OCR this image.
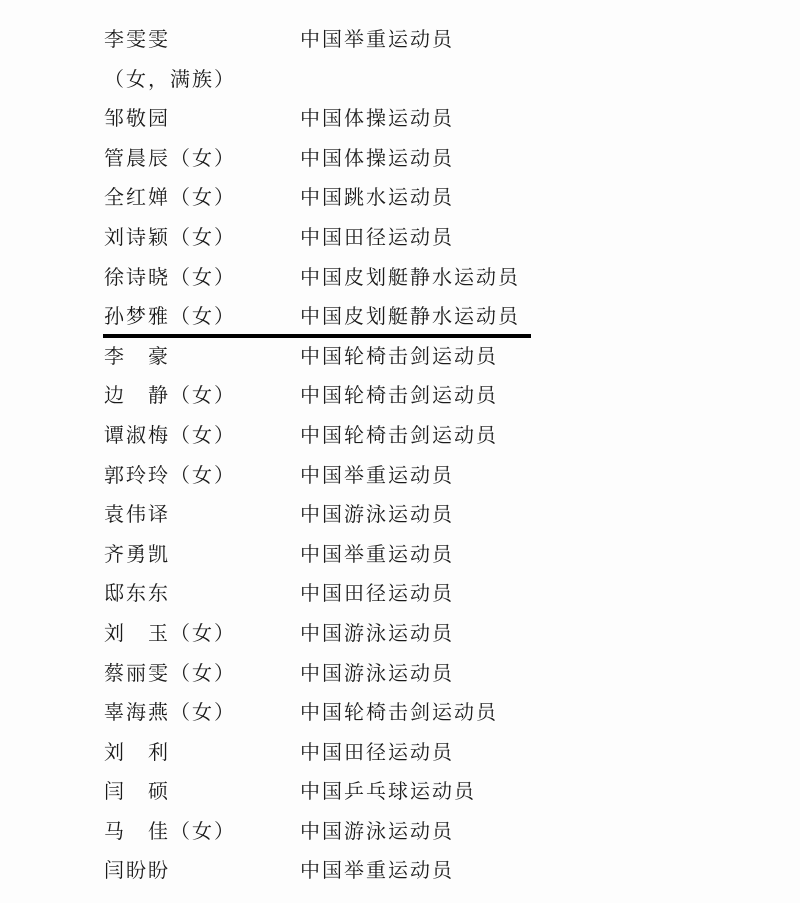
李雯雯	中国举重运动员
（女，满族）
邹敬园	中国体操运动员
管晨辰（女）	中国体操运动员
全红婵（女）	中国跳水运动员
刘诗颖（女）	中国田径运动员
徐诗晓（女）	中国皮划艇静水运动员
孙梦雅（女）	中国皮划艇静水运动员
李　豪	中国轮椅击剑运动员
边　静（女）	中国轮椅击剑运动员
谭淑梅（女）	中国轮椅击剑运动员
郭玲玲（女）	中国举重运动员
袁伟译	中国游泳运动员
齐勇凯	中国举重运动员
邸东东	中国田径运动员
刘　玉（女）	中国游泳运动员
蔡丽雯（女）	中国游泳运动员
辜海燕（女）	中国轮椅击剑运动员
刘　利	中国田径运动员
闫　硕	中国乒乓球运动员
马　佳（女）	中国游泳运动员
闫盼盼	中国举重运动员
